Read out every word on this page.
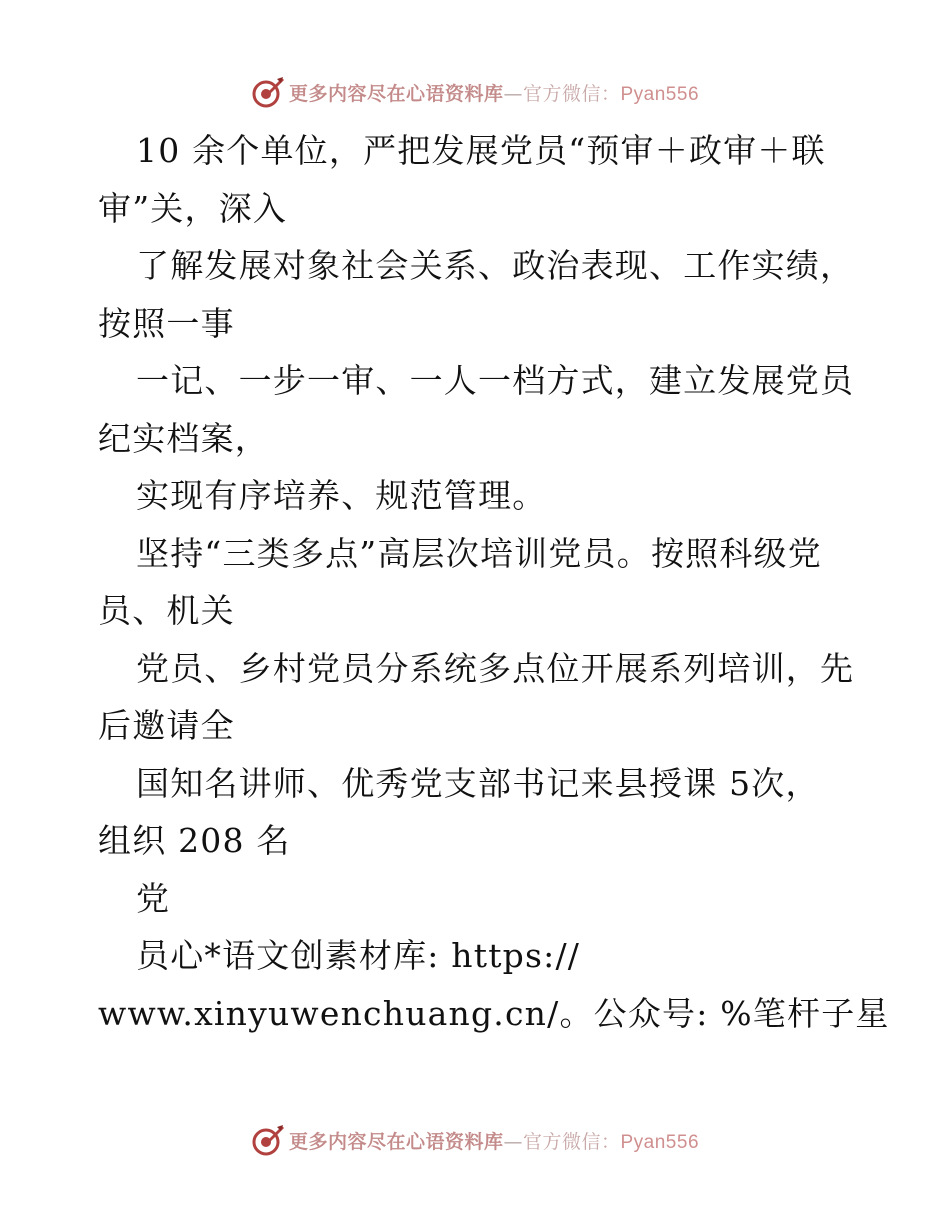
更多内容尽在心语资料库—官方微信：Pyan556
10 余个单位，严把发展党员“预审＋政审＋联
审”关，深入
了解发展对象社会关系、政治表现、工作实绩，
按照一事
一记、一步一审、一人一档方式，建立发展党员
纪实档案，
实现有序培养、规范管理。
坚持“三类多点”高层次培训党员。按照科级党
员、机关
党员、乡村党员分系统多点位开展系列培训，先
后邀请全
国知名讲师、优秀党支部书记来县授课 5次，
组织 208 名
党
员心*语文创素材库: https://
www.xinyuwenchuang.cn/。公众号: %笔杆子星
更多内容尽在心语资料库—官方微信：Pyan556
